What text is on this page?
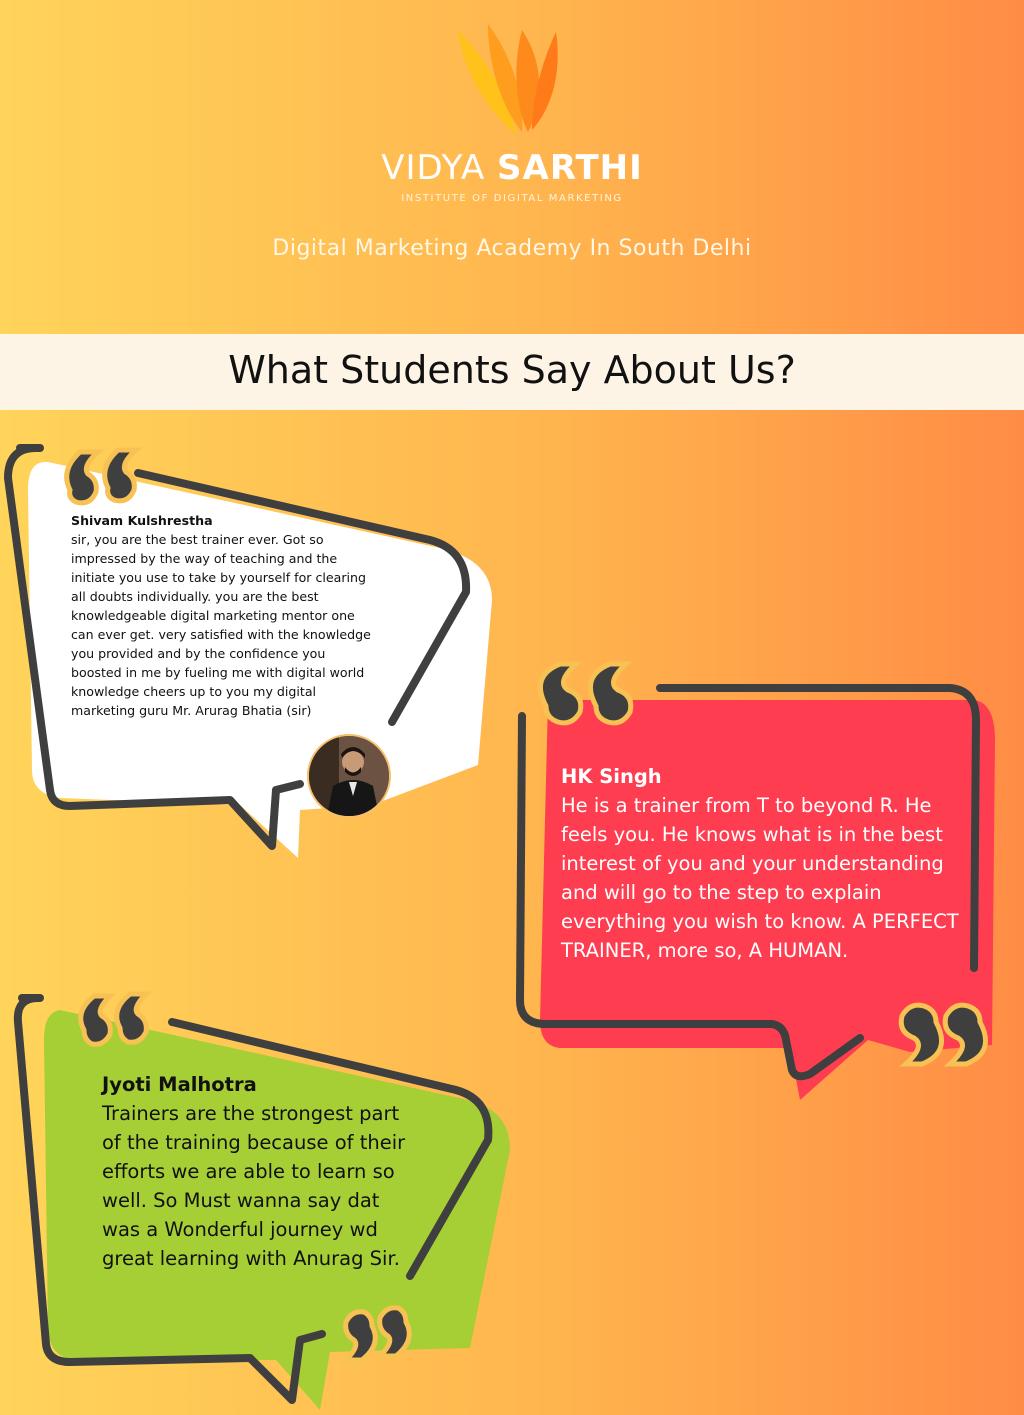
VIDYA SARTHI
INSTITUTE OF DIGITAL MARKETING
Digital Marketing Academy In South Delhi
What Students Say About Us?
Shivam Kulshrestha
sir, you are the best trainer ever. Got so impressed by the way of teaching and the initiate you use to take by yourself for clearing all doubts individually. you are the best knowledgeable digital marketing mentor one can ever get. very satisfied with the knowledge you provided and by the confidence you boosted in me by fueling me with digital world knowledge cheers up to you my digital marketing guru Mr. Arurag Bhatia (sir)
HK Singh
He is a trainer from T to beyond R. He feels you. He knows what is in the best interest of you and your understanding and will go to the step to explain everything you wish to know. A PERFECT TRAINER, more so, A HUMAN.
Jyoti Malhotra
Trainers are the strongest part of the training because of their efforts we are able to learn so well. So Must wanna say dat was a Wonderful journey wd great learning with Anurag Sir.
